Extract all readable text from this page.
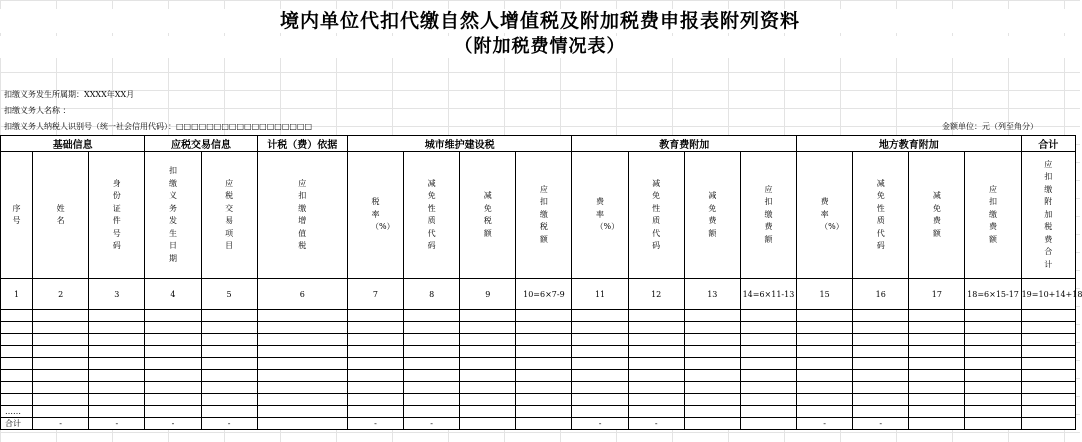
境内单位代扣代缴自然人增值税及附加税费申报表附列资料
（附加税费情况表）
扣缴义务发生所属期：XXXX年XX月
扣缴义务人名称 ：
扣缴义务人纳税人识别号（统一社会信用代码）：□□□□□□□□□□□□□□□□□□	金额单位：元（列至角分）
基础信息			应税交易信息		计税（费）依据	城市维护建设税				教育费附加				地方教育附加				合计
序号	姓名	身份证件号码	扣缴义务发生日期	应税交易项目	应扣缴增值税	税率（%）	减免性质代码	减免税额	应扣缴税额	费率（%）	减免性质代码	减免费额	应扣缴费额	费率（%）	减免性质代码	减免费额	应扣缴费额	应扣缴附加税费合计
1	2	3	4	5	6	7	8	9	10=6×7-9	11	12	13	14=6×11-13	15	16	17	18=6×15-17	19=10+14+18

……																		
合计	-	-	-	-		-	-			-	-			-	-			
